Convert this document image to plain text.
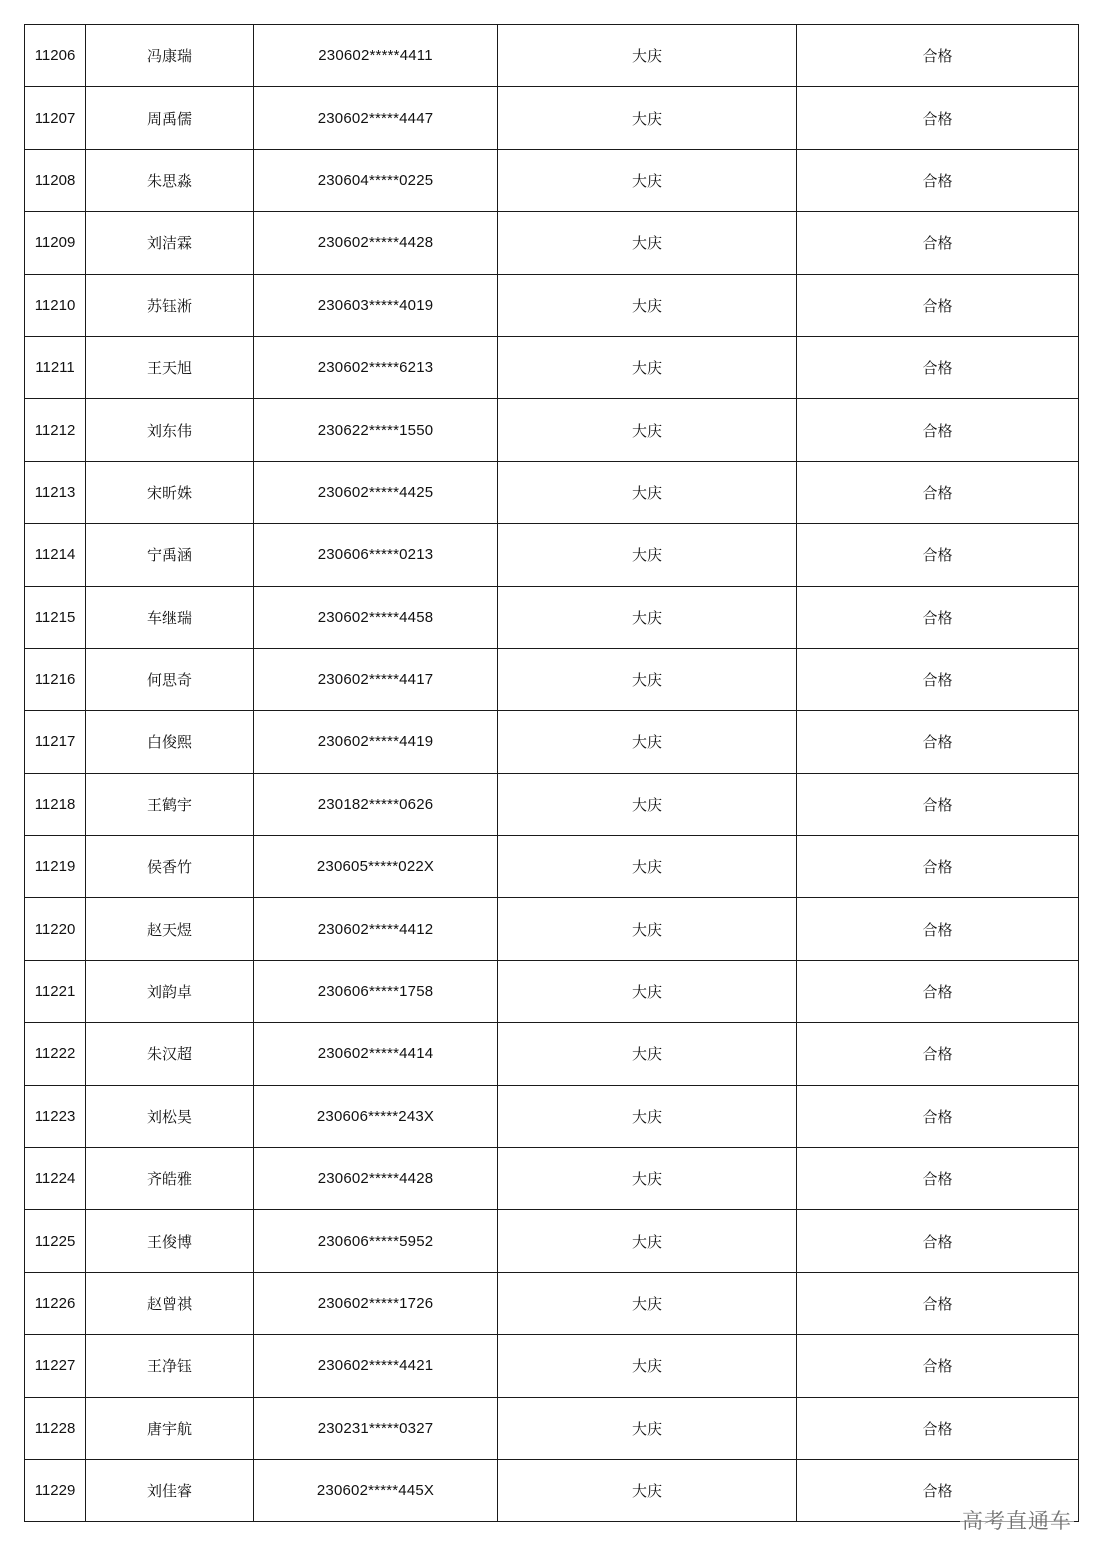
11206	冯康瑞	230602*****4411	大庆	合格
11207	周禹儒	230602*****4447	大庆	合格
11208	朱思淼	230604*****0225	大庆	合格
11209	刘洁霖	230602*****4428	大庆	合格
11210	苏钰淅	230603*****4019	大庆	合格
11211	王天旭	230602*****6213	大庆	合格
11212	刘东伟	230622*****1550	大庆	合格
11213	宋昕姝	230602*****4425	大庆	合格
11214	宁禹涵	230606*****0213	大庆	合格
11215	车继瑞	230602*****4458	大庆	合格
11216	何思奇	230602*****4417	大庆	合格
11217	白俊熙	230602*****4419	大庆	合格
11218	王鹤宇	230182*****0626	大庆	合格
11219	侯香竹	230605*****022X	大庆	合格
11220	赵天煜	230602*****4412	大庆	合格
11221	刘韵卓	230606*****1758	大庆	合格
11222	朱汉超	230602*****4414	大庆	合格
11223	刘松昊	230606*****243X	大庆	合格
11224	齐皓雅	230602*****4428	大庆	合格
11225	王俊博	230606*****5952	大庆	合格
11226	赵曾祺	230602*****1726	大庆	合格
11227	王净钰	230602*****4421	大庆	合格
11228	唐宇航	230231*****0327	大庆	合格
11229	刘佳睿	230602*****445X	大庆	合格
高考直通车
